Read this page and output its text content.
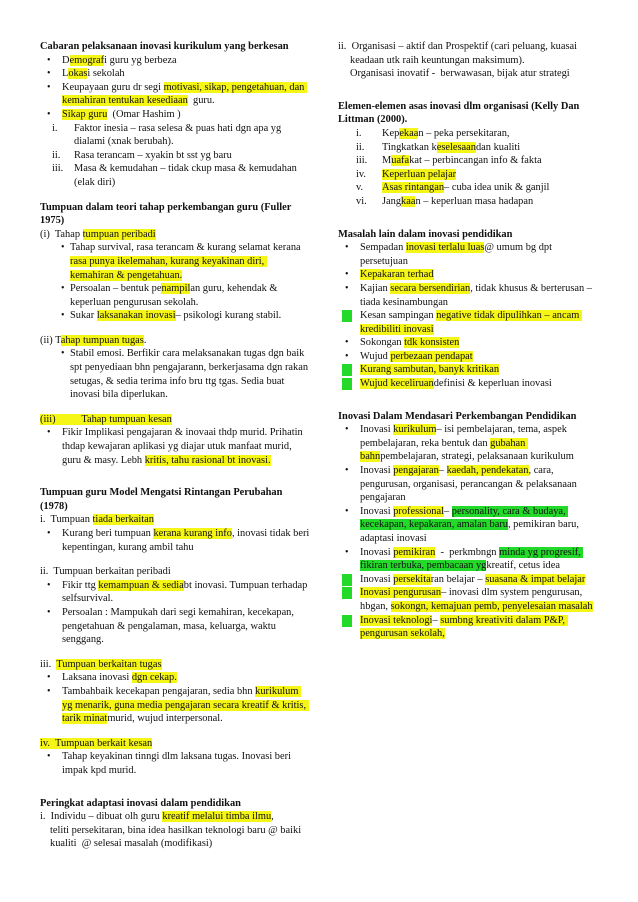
Cabaran pelaksanaan inovasi kurikulum yang berkesan
• Demografi guru yg berbeza
• Lokasi sekolah
• Keupayaan guru dr segi motivasi, sikap, pengetahuan, dan kemahiran tentukan kesediaan  guru.
• Sikap guru  (Omar Hashim )
i. Faktor inesia – rasa selesa & puas hati dgn apa yg dialami (xnak berubah).
ii. Rasa terancam – xyakin bt sst yg baru
iii. Masa & kemudahan – tidak ckup masa & kemudahan (elak diri)
Tumpuan dalam teori tahap perkembangan guru (Fuller 1975)
(i)  Tahap tumpuan peribadi
• Tahap survival, rasa terancam & kurang selamat kerana rasa punya ikelemahan, kurang keyakinan diri, kemahiran & pengetahuan.
• Persoalan – bentuk penampilan guru, kehendak & keperluan pengurusan sekolah.
• Sukar laksanakan inovasi– psikologi kurang stabil.
(ii) Tahap tumpuan tugas.
• Stabil emosi. Berfikir cara melaksanakan tugas dgn baik spt penyediaan bhn pengajarann, berkerjasama dgn rakan setugas, & sedia terima info bru ttg tgas. Sedia buat inovasi bila diperlukan.
(iii)          Tahap tumpuan kesan
• Fikir Implikasi pengajaran & inovaai thdp murid. Prihatin thdap kewajaran aplikasi yg diajar utuk manfaat murid, guru & masy. Lebh kritis, tahu rasional bt inovasi.
Tumpuan guru Model Mengatsi Rintangan Perubahan (1978)
i.  Tumpuan tiada berkaitan
• Kurang beri tumpuan kerana kurang info, inovasi tidak beri kepentingan, kurang ambil tahu
ii.  Tumpuan berkaitan peribadi
• Fikir ttg kemampuan & sediabt inovasi. Tumpuan terhadap selfsurvival.
• Persoalan : Mampukah dari segi kemahiran, kecekapan, pengetahuan & pengalaman, masa, keluarga, waktu senggang.
iii.  Tumpuan berkaitan tugas
• Laksana inovasi dgn cekap.
• Tambahbaik kecekapan pengajaran, sedia bhn kurikulum yg menarik, guna media pengajaran secara kreatif & kritis, tarik minatmurid, wujud interpersonal.
iv.  Tumpuan berkait kesan
• Tahap keyakinan tinngi dlm laksana tugas. Inovasi beri impak kpd murid.
Peringkat adaptasi inovasi dalam pendidikan
i.  Individu – dibuat olh guru kreatif melalui timba ilmu,
teliti persekitaran, bina idea hasilkan teknologi baru @ baiki kualiti  @ selesai masalah (modifikasi)
ii.  Organisasi – aktif dan Prospektif (cari peluang, kuasai
keadaan utk raih keuntungan maksimum).
Organisasi inovatif -  berwawasan, bijak atur strategi
Elemen-elemen asas inovasi dlm organisasi (Kelly Dan Littman (2000).
i. Kepekaan – peka persekitaran,
ii. Tingkatkan keselesaandan kualiti
iii. Muafakat – perbincangan info & fakta
iv. Keperluan pelajar
v. Asas rintangan– cuba idea unik & ganjil
vi. Jangkaan – keperluan masa hadapan
Masalah lain dalam inovasi pendidikan
• Sempadan inovasi terlalu luas@ umum bg dpt persetujuan
• Kepakaran terhad
• Kajian secara bersendirian, tidak khusus & berterusan – tiada kesinambungan
• Kesan sampingan negative tidak dipulihkan – ancam kredibiliti inovasi
• Sokongan tdk konsisten
• Wujud perbezaan pendapat
• Kurang sambutan, banyk kritikan
• Wujud keceliruandefinisi & keperluan inovasi
Inovasi Dalam Mendasari Perkembangan Pendidikan
• Inovasi kurikulum– isi pembelajaran, tema, aspek pembelajaran, reka bentuk dan gubahan bahnpembelajaran, strategi, pelaksanaan kurikulum
• Inovasi pengajaran– kaedah, pendekatan, cara, pengurusan, organisasi, perancangan & pelaksanaan pengajaran
• Inovasi professional– personality, cara & budaya, kecekapan, kepakaran, amalan baru, pemikiran baru, adaptasi inovasi
• Inovasi pemikiran  -  perkmbngn minda yg progresif, fikiran terbuka, pembacaan ygkreatif, cetus idea
• Inovasi persekitaran belajar – suasana & impat belajar
• Inovasi pengurusan– inovasi dlm system pengurusan, hbgan, sokongn, kemajuan pemb, penyelesaian masalah
• Inovasi teknologi– sumbng kreativiti dalam P&P, pengurusan sekolah,
